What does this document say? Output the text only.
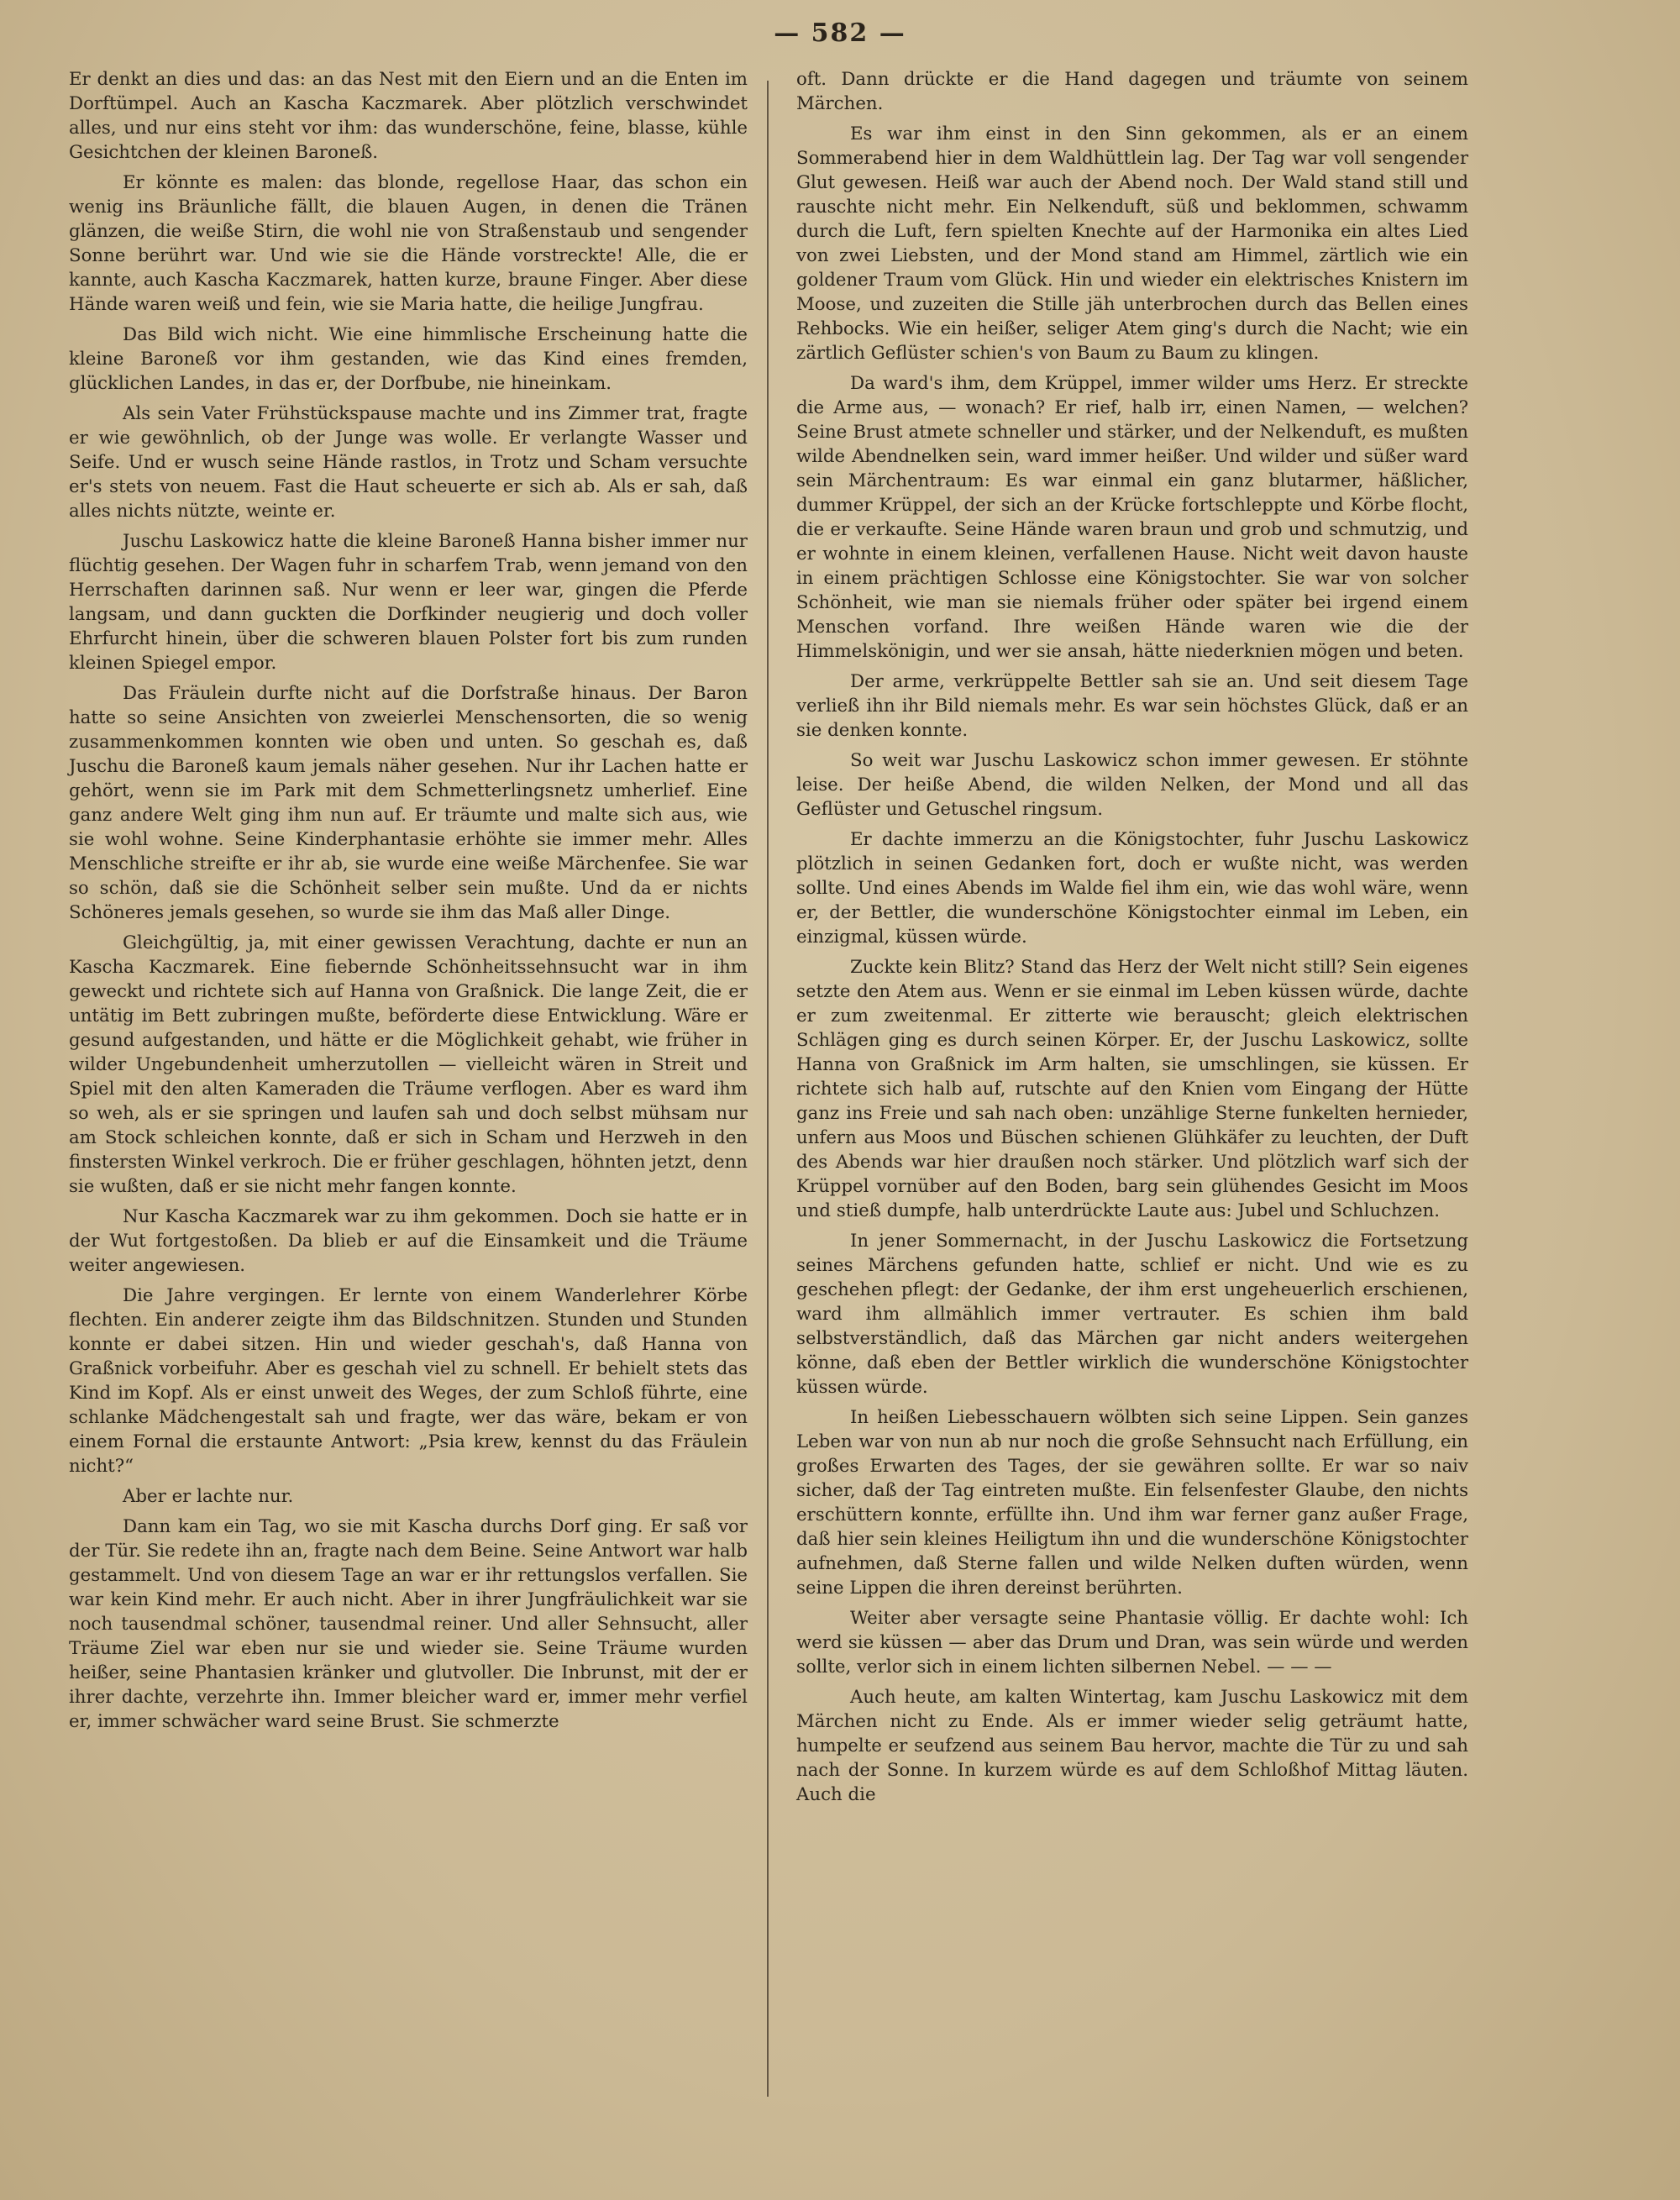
— 582 —

Er denkt an dies und das: an das Nest mit den Eiern und an die Enten im Dorftümpel. Auch an Kascha Kaczmarek. Aber plötzlich verschwindet alles, und nur eins steht vor ihm: das wunderschöne, feine, blasse, kühle Gesichtchen der kleinen Baroneß.

Er könnte es malen: das blonde, regellose Haar, das schon ein wenig ins Bräunliche fällt, die blauen Augen, in denen die Tränen glänzen, die weiße Stirn, die wohl nie von Straßenstaub und sengender Sonne berührt war. Und wie sie die Hände vorstreckte! Alle, die er kannte, auch Kascha Kaczmarek, hatten kurze, braune Finger. Aber diese Hände waren weiß und fein, wie sie Maria hatte, die heilige Jungfrau.

Das Bild wich nicht. Wie eine himmlische Erscheinung hatte die kleine Baroneß vor ihm gestanden, wie das Kind eines fremden, glücklichen Landes, in das er, der Dorfbube, nie hineinkam.

Als sein Vater Frühstückspause machte und ins Zimmer trat, fragte er wie gewöhnlich, ob der Junge was wolle. Er verlangte Wasser und Seife. Und er wusch seine Hände rastlos, in Trotz und Scham versuchte er's stets von neuem. Fast die Haut scheuerte er sich ab. Als er sah, daß alles nichts nützte, weinte er.

Juschu Laskowicz hatte die kleine Baroneß Hanna bisher immer nur flüchtig gesehen. Der Wagen fuhr in scharfem Trab, wenn jemand von den Herrschaften darinnen saß. Nur wenn er leer war, gingen die Pferde langsam, und dann guckten die Dorfkinder neugierig und doch voller Ehrfurcht hinein, über die schweren blauen Polster fort bis zum runden kleinen Spiegel empor.

Das Fräulein durfte nicht auf die Dorfstraße hinaus. Der Baron hatte so seine Ansichten von zweierlei Menschensorten, die so wenig zusammenkommen konnten wie oben und unten. So geschah es, daß Juschu die Baroneß kaum jemals näher gesehen. Nur ihr Lachen hatte er gehört, wenn sie im Park mit dem Schmetterlingsnetz umherlief. Eine ganz andere Welt ging ihm nun auf. Er träumte und malte sich aus, wie sie wohl wohne. Seine Kinderphantasie erhöhte sie immer mehr. Alles Menschliche streifte er ihr ab, sie wurde eine weiße Märchenfee. Sie war so schön, daß sie die Schönheit selber sein mußte. Und da er nichts Schöneres jemals gesehen, so wurde sie ihm das Maß aller Dinge.

Gleichgültig, ja, mit einer gewissen Verachtung, dachte er nun an Kascha Kaczmarek. Eine fiebernde Schönheitssehnsucht war in ihm geweckt und richtete sich auf Hanna von Graßnick. Die lange Zeit, die er untätig im Bett zubringen mußte, beförderte diese Entwicklung. Wäre er gesund aufgestanden, und hätte er die Möglichkeit gehabt, wie früher in wilder Ungebundenheit umherzutollen — vielleicht wären in Streit und Spiel mit den alten Kameraden die Träume verflogen. Aber es ward ihm so weh, als er sie springen und laufen sah und doch selbst mühsam nur am Stock schleichen konnte, daß er sich in Scham und Herzweh in den finstersten Winkel verkroch. Die er früher geschlagen, höhnten jetzt, denn sie wußten, daß er sie nicht mehr fangen konnte.

Nur Kascha Kaczmarek war zu ihm gekommen. Doch sie hatte er in der Wut fortgestoßen. Da blieb er auf die Einsamkeit und die Träume weiter angewiesen.

Die Jahre vergingen. Er lernte von einem Wanderlehrer Körbe flechten. Ein anderer zeigte ihm das Bildschnitzen. Stunden und Stunden konnte er dabei sitzen. Hin und wieder geschah's, daß Hanna von Graßnick vorbeifuhr. Aber es geschah viel zu schnell. Er behielt stets das Kind im Kopf. Als er einst unweit des Weges, der zum Schloß führte, eine schlanke Mädchengestalt sah und fragte, wer das wäre, bekam er von einem Fornal die erstaunte Antwort: „Psia krew, kennst du das Fräulein nicht?“

Aber er lachte nur.

Dann kam ein Tag, wo sie mit Kascha durchs Dorf ging. Er saß vor der Tür. Sie redete ihn an, fragte nach dem Beine. Seine Antwort war halb gestammelt. Und von diesem Tage an war er ihr rettungslos verfallen. Sie war kein Kind mehr. Er auch nicht. Aber in ihrer Jungfräulichkeit war sie noch tausendmal schöner, tausendmal reiner. Und aller Sehnsucht, aller Träume Ziel war eben nur sie und wieder sie. Seine Träume wurden heißer, seine Phantasien kränker und glutvoller. Die Inbrunst, mit der er ihrer dachte, verzehrte ihn. Immer bleicher ward er, immer mehr verfiel er, immer schwächer ward seine Brust. Sie schmerzte

oft. Dann drückte er die Hand dagegen und träumte von seinem Märchen.

Es war ihm einst in den Sinn gekommen, als er an einem Sommerabend hier in dem Waldhüttlein lag. Der Tag war voll sengender Glut gewesen. Heiß war auch der Abend noch. Der Wald stand still und rauschte nicht mehr. Ein Nelkenduft, süß und beklommen, schwamm durch die Luft, fern spielten Knechte auf der Harmonika ein altes Lied von zwei Liebsten, und der Mond stand am Himmel, zärtlich wie ein goldener Traum vom Glück. Hin und wieder ein elektrisches Knistern im Moose, und zuzeiten die Stille jäh unterbrochen durch das Bellen eines Rehbocks. Wie ein heißer, seliger Atem ging's durch die Nacht; wie ein zärtlich Geflüster schien's von Baum zu Baum zu klingen.

Da ward's ihm, dem Krüppel, immer wilder ums Herz. Er streckte die Arme aus, — wonach? Er rief, halb irr, einen Namen, — welchen? Seine Brust atmete schneller und stärker, und der Nelkenduft, es mußten wilde Abendnelken sein, ward immer heißer. Und wilder und süßer ward sein Märchentraum: Es war einmal ein ganz blutarmer, häßlicher, dummer Krüppel, der sich an der Krücke fortschleppte und Körbe flocht, die er verkaufte. Seine Hände waren braun und grob und schmutzig, und er wohnte in einem kleinen, verfallenen Hause. Nicht weit davon hauste in einem prächtigen Schlosse eine Königstochter. Sie war von solcher Schönheit, wie man sie niemals früher oder später bei irgend einem Menschen vorfand. Ihre weißen Hände waren wie die der Himmelskönigin, und wer sie ansah, hätte niederknien mögen und beten.

Der arme, verkrüppelte Bettler sah sie an. Und seit diesem Tage verließ ihn ihr Bild niemals mehr. Es war sein höchstes Glück, daß er an sie denken konnte.

So weit war Juschu Laskowicz schon immer gewesen. Er stöhnte leise. Der heiße Abend, die wilden Nelken, der Mond und all das Geflüster und Getuschel ringsum.

Er dachte immerzu an die Königstochter, fuhr Juschu Laskowicz plötzlich in seinen Gedanken fort, doch er wußte nicht, was werden sollte. Und eines Abends im Walde fiel ihm ein, wie das wohl wäre, wenn er, der Bettler, die wunderschöne Königstochter einmal im Leben, ein einzigmal, küssen würde.

Zuckte kein Blitz? Stand das Herz der Welt nicht still? Sein eigenes setzte den Atem aus. Wenn er sie einmal im Leben küssen würde, dachte er zum zweitenmal. Er zitterte wie berauscht; gleich elektrischen Schlägen ging es durch seinen Körper. Er, der Juschu Laskowicz, sollte Hanna von Graßnick im Arm halten, sie umschlingen, sie küssen. Er richtete sich halb auf, rutschte auf den Knien vom Eingang der Hütte ganz ins Freie und sah nach oben: unzählige Sterne funkelten hernieder, unfern aus Moos und Büschen schienen Glühkäfer zu leuchten, der Duft des Abends war hier draußen noch stärker. Und plötzlich warf sich der Krüppel vornüber auf den Boden, barg sein glühendes Gesicht im Moos und stieß dumpfe, halb unterdrückte Laute aus: Jubel und Schluchzen.

In jener Sommernacht, in der Juschu Laskowicz die Fortsetzung seines Märchens gefunden hatte, schlief er nicht. Und wie es zu geschehen pflegt: der Gedanke, der ihm erst ungeheuerlich erschienen, ward ihm allmählich immer vertrauter. Es schien ihm bald selbstverständlich, daß das Märchen gar nicht anders weitergehen könne, daß eben der Bettler wirklich die wunderschöne Königstochter küssen würde.

In heißen Liebesschauern wölbten sich seine Lippen. Sein ganzes Leben war von nun ab nur noch die große Sehnsucht nach Erfüllung, ein großes Erwarten des Tages, der sie gewähren sollte. Er war so naiv sicher, daß der Tag eintreten mußte. Ein felsenfester Glaube, den nichts erschüttern konnte, erfüllte ihn. Und ihm war ferner ganz außer Frage, daß hier sein kleines Heiligtum ihn und die wunderschöne Königstochter aufnehmen, daß Sterne fallen und wilde Nelken duften würden, wenn seine Lippen die ihren dereinst berührten.

Weiter aber versagte seine Phantasie völlig. Er dachte wohl: Ich werd sie küssen — aber das Drum und Dran, was sein würde und werden sollte, verlor sich in einem lichten silbernen Nebel. — — —

Auch heute, am kalten Wintertag, kam Juschu Laskowicz mit dem Märchen nicht zu Ende. Als er immer wieder selig geträumt hatte, humpelte er seufzend aus seinem Bau hervor, machte die Tür zu und sah nach der Sonne. In kurzem würde es auf dem Schloßhof Mittag läuten. Auch die
